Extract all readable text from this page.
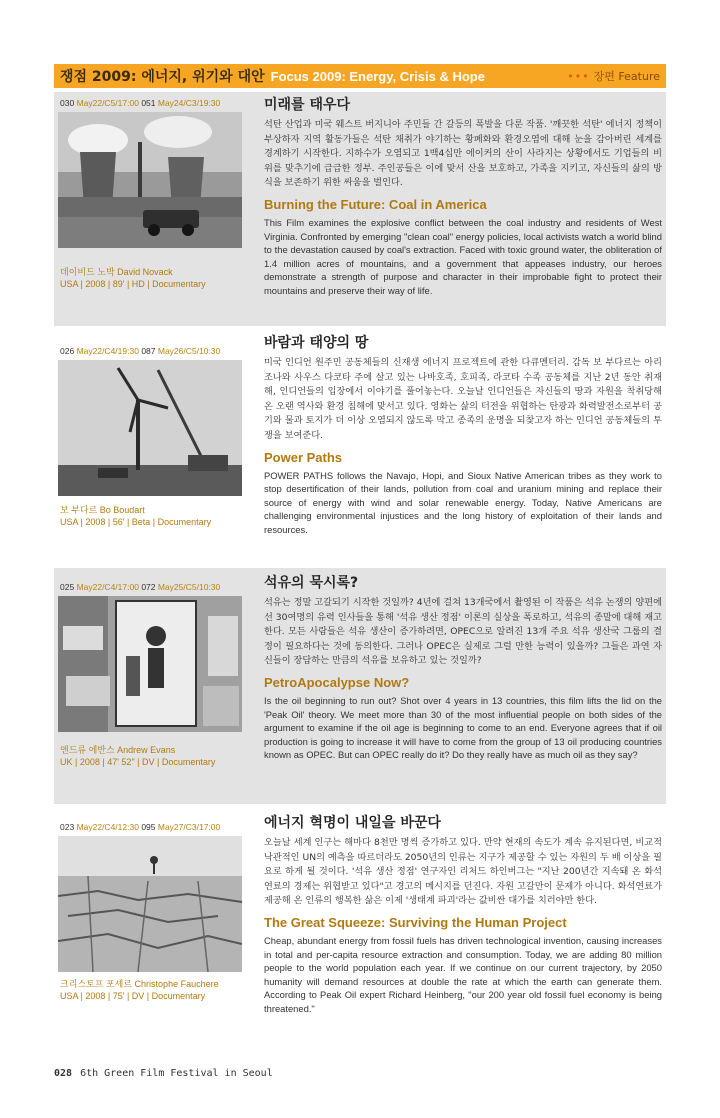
쟁점 2009: 에너지, 위기와 대안 Focus 2009: Energy, Crisis & Hope	••• 장편 Feature
030 May22/C5/17:00 051 May24/C3/19:30
데이비드 노박 David Novack
USA | 2008 | 89' | HD | Documentary
미래를 태우다

석탄 산업과 미국 웨스트 버지니아 주민들 간 갈등의 폭발을 다룬 작품. '깨끗한 석탄' 에너지 정책이 부상하자 지역 활동가들은 석탄 채취가 야기하는 황폐화와 환경오염에 대해 눈을 감아버린 세계를 경계하기 시작한다. 지하수가 오염되고 1백4십만 에이커의 산이 사라지는 상황에서도 기업들의 비위를 맞추기에 급급한 정부. 주인공들은 이에 맞서 산을 보호하고, 가족을 지키고, 자신들의 삶의 방식을 보존하기 위한 싸움을 벌인다.

Burning the Future: Coal in America

This Film examines the explosive conflict between the coal industry and residents of West Virginia. Confronted by emerging "clean coal" energy policies, local activists watch a world blind to the devastation caused by coal's extraction. Faced with toxic ground water, the obliteration of 1.4 million acres of mountains, and a government that appeases industry, our heroes demonstrate a strength of purpose and character in their improbable fight to protect their mountains and preserve their way of life.

026 May22/C4/19:30 087 May26/C5/10:30
보 부다르 Bo Boudart
USA | 2008 | 56' | Beta | Documentary
바람과 태양의 땅

미국 인디언 원주민 공동체들의 신재생 에너지 프로젝트에 관한 다큐멘터리. 감독 보 부다르는 아리조나와 사우스 다코타 주에 살고 있는 나바호족, 호피족, 라코타 수족 공동체를 지난 2년 동안 취재해, 인디언들의 입장에서 이야기를 풀어놓는다. 오늘날 인디언들은 자신들의 땅과 자원을 착취당해 온 오랜 역사와 환경 침해에 맞서고 있다. 영화는 삶의 터전을 위협하는 탄광과 화력발전소로부터 공기와 물과 토지가 더 이상 오염되지 않도록 막고 종족의 운명을 되찾고자 하는 인디언 공동체들의 투쟁을 보여준다.

Power Paths

POWER PATHS follows the Navajo, Hopi, and Sioux Native American tribes as they work to stop desertification of their lands, pollution from coal and uranium mining and replace their source of energy with wind and solar renewable energy. Today, Native Americans are challenging environmental injustices and the long history of exploitation of their lands and resources.

025 May22/C4/17:00 072 May25/C5/10:30
앤드류 에반스 Andrew Evans
UK | 2008 | 47' 52" | DV | Documentary
석유의 묵시록?

석유는 정말 고갈되기 시작한 것일까? 4년에 걸쳐 13개국에서 촬영된 이 작품은 석유 논쟁의 양편에 선 30여명의 유력 인사들을 통해 '석유 생산 정점' 이론의 실상을 폭로하고, 석유의 종말에 대해 재고한다. 모든 사람들은 석유 생산이 증가하려면, OPEC으로 알려진 13개 주요 석유 생산국 그룹의 결정이 필요하다는 것에 동의한다. 그러나 OPEC은 실제로 그럴 만한 능력이 있을까? 그들은 과연 자신들이 장담하는 만큼의 석유를 보유하고 있는 것일까?

PetroApocalypse Now?

Is the oil beginning to run out? Shot over 4 years in 13 countries, this film lifts the lid on the 'Peak Oil' theory. We meet more than 30 of the most influential people on both sides of the argument to examine if the oil age is beginning to come to an end. Everyone agrees that if oil production is going to increase it will have to come from the group of 13 oil producing countries known as OPEC. But can OPEC really do it? Do they really have as much oil as they say?

023 May22/C4/12:30 095 May27/C3/17:00
크리스토프 포셰르 Christophe Fauchere
USA | 2008 | 75' | DV | Documentary
에너지 혁명이 내일을 바꾼다

오늘날 세계 인구는 해마다 8천만 명씩 증가하고 있다. 만약 현재의 속도가 계속 유지된다면, 비교적 낙관적인 UN의 예측을 따르더라도 2050년의 인류는 지구가 제공할 수 있는 자원의 두 배 이상을 필요로 하게 될 것이다. '석유 생산 정점' 연구자인 리처드 하인버그는 "지난 200년간 지속돼 온 화석연료의 경제는 위협받고 있다"고 경고의 메시지를 던진다. 자원 고갈만이 문제가 아니다. 화석연료가 제공해 온 인류의 행복한 삶은 이제 '생태계 파괴'라는 값비싼 대가를 치러야만 한다.

The Great Squeeze: Surviving the Human Project

Cheap, abundant energy from fossil fuels has driven technological invention, causing increases in total and per-capita resource extraction and consumption. Today, we are adding 80 million people to the world population each year. If we continue on our current trajectory, by 2050 humanity will demand resources at double the rate at which the earth can generate them. According to Peak Oil expert Richard Heinberg, "our 200 year old fossil fuel economy is being threatened."

028 6th Green Film Festival in Seoul
